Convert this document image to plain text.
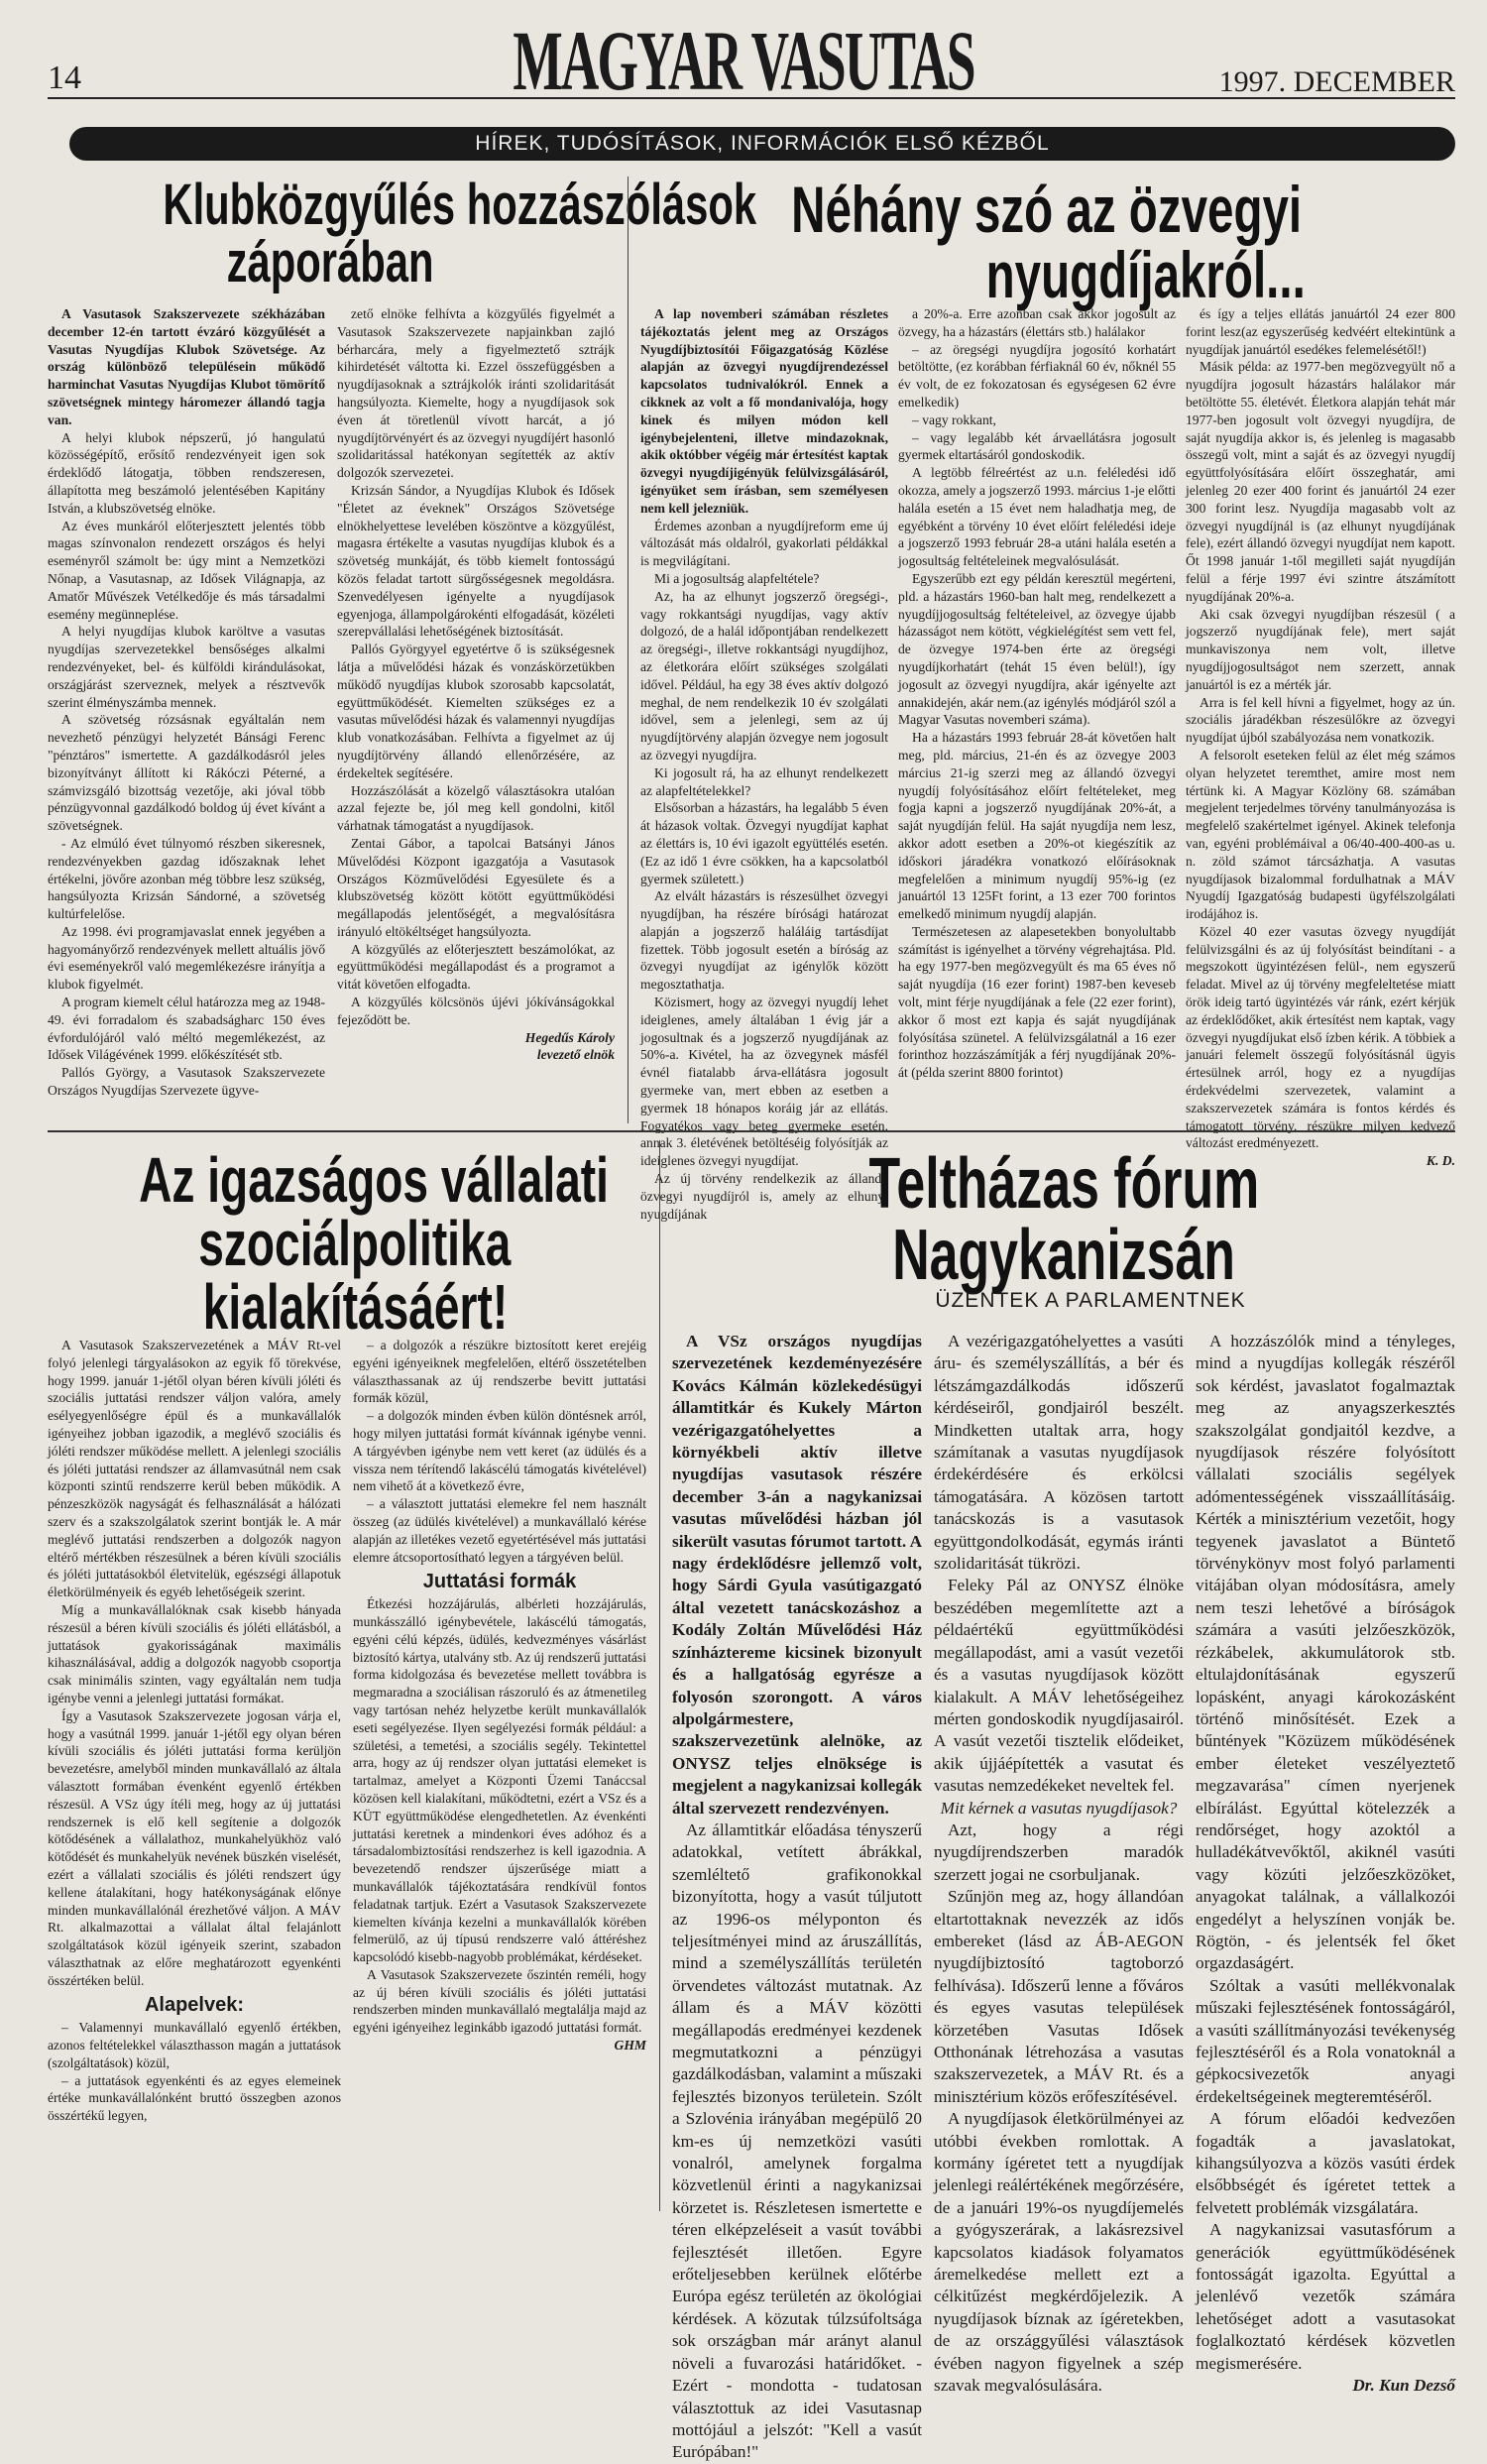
14	MAGYAR VASUTAS	1997. DECEMBER
HÍREK, TUDÓSÍTÁSOK, INFORMÁCIÓK ELSŐ KÉZBŐL
Klubközgyűlés hozzászólások
záporában

A Vasutasok Szakszervezete székházában december 12-én tartott évzáró közgyűlését a Vasutas Nyugdíjas Klubok Szövetsége. Az ország különböző településein működő harminchat Vasutas Nyugdíjas Klubot tömörítő szövetségnek mintegy háromezer állandó tagja van.

A helyi klubok népszerű, jó hangulatú közösségépítő, erősítő rendezvényeit igen sok érdeklődő látogatja, többen rendszeresen, állapította meg beszámoló jelentésében Kapitány István, a klubszövetség elnöke.

Az éves munkáról előterjesztett jelentés több magas színvonalon rendezett országos és helyi eseményről számolt be: úgy mint a Nemzetközi Nőnap, a Vasutasnap, az Idősek Világnapja, az Amatőr Művészek Vetélkedője és más társadalmi esemény megünneplése.

A helyi nyugdíjas klubok karöltve a vasutas nyugdíjas szervezetekkel bensőséges alkalmi rendezvényeket, bel- és külföldi kirándulásokat, országjárást szerveznek, melyek a résztvevők szerint élményszámba mennek.

A szövetség rózsásnak egyáltalán nem nevezhető pénzügyi helyzetét Bánsági Ferenc "pénztáros" ismertette. A gazdálkodásról jeles bizonyítványt állított ki Rákóczi Péterné, a számvizsgáló bizottság vezetője, aki jóval több pénzügyvonnal gazdálkodó boldog új évet kívánt a szövetségnek.

- Az elmúló évet túlnyomó részben sikeresnek, rendezvényekben gazdag időszaknak lehet értékelni, jövőre azonban még többre lesz szükség, hangsúlyozta Krizsán Sándorné, a szövetség kultúrfelelőse.

Az 1998. évi programjavaslat ennek jegyében a hagyományőrző rendezvények mellett altuális jövő évi eseményekről való megemlékezésre irányítja a klubok figyelmét.

A program kiemelt célul határozza meg az 1948-49. évi forradalom és szabadságharc 150 éves évfordulójáról való méltó megemlékezést, az Idősek Világévének 1999. előkészítését stb.

Pallós György, a Vasutasok Szakszervezete Országos Nyugdíjas Szervezete ügyve-

zető elnöke felhívta a közgyűlés figyelmét a Vasutasok Szakszervezete napjainkban zajló bérharcára, mely a figyelmeztető sztrájk kihirdetését váltotta ki. Ezzel összefüggésben a nyugdíjasoknak a sztrájkolók iránti szolidaritását hangsúlyozta. Kiemelte, hogy a nyugdíjasok sok éven át töretlenül vívott harcát, a jó nyugdíjtörvényért és az özvegyi nyugdíjért hasonló szolidaritással hatékonyan segítették az aktív dolgozók szervezetei.

Krizsán Sándor, a Nyugdíjas Klubok és Idősek "Életet az éveknek" Országos Szövetsége elnökhelyettese levelében köszöntve a közgyűlést, magasra értékelte a vasutas nyugdíjas klubok és a szövetség munkáját, és több kiemelt fontosságú közös feladat tartott sürgősségesnek megoldásra. Szenvedélyesen igényelte a nyugdíjasok egyenjoga, állampolgárokénti elfogadását, közéleti szerepvállalási lehetőségének biztosítását.

Pallós Györgyyel egyetértve ő is szükségesnek látja a művelődési házak és vonzáskörzetükben működő nyugdíjas klubok szorosabb kapcsolatát, együttműködését. Kiemelten szükséges ez a vasutas művelődési házak és valamennyi nyugdíjas klub vonatkozásában. Felhívta a figyelmet az új nyugdíjtörvény állandó ellenőrzésére, az érdekeltek segítésére.

Hozzászólását a közelgő választásokra utalóan azzal fejezte be, jól meg kell gondolni, kitől várhatnak támogatást a nyugdíjasok.

Zentai Gábor, a tapolcai Batsányi János Művelődési Központ igazgatója a Vasutasok Országos Közművelődési Egyesülete és a klubszövetség között kötött együttműködési megállapodás jelentőségét, a megvalósításra irányuló eltökéltséget hangsúlyozta.

A közgyűlés az előterjesztett beszámolókat, az együttműködési megállapodást és a programot a vitát követően elfogadta.

A közgyűlés kölcsönös újévi jókívánságokkal fejeződött be.

Hegedűs Károly

levezető elnök

Néhány szó az özvegyi
nyugdíjakról...

A lap novemberi számában részletes tájékoztatás jelent meg az Országos Nyugdíjbiztosítói Főigazgatóság Közlése alapján az özvegyi nyugdíjrendezéssel kapcsolatos tudnivalókról. Ennek a cikknek az volt a fő mondanivalója, hogy kinek és milyen módon kell igénybejelenteni, illetve mindazoknak, akik októbber végéig már értesítést kaptak özvegyi nyugdíjigényük felülvizsgálásáról, igényüket sem írásban, sem személyesen nem kell jelezniük.

Érdemes azonban a nyugdíjreform eme új változását más oldalról, gyakorlati példákkal is megvilágítani.

Mi a jogosultság alapfeltétele?

Az, ha az elhunyt jogszerző öregségi-, vagy rokkantsági nyugdíjas, vagy aktív dolgozó, de a halál időpontjában rendelkezett az öregségi-, illetve rokkantsági nyugdíjhoz, az életkorára előírt szükséges szolgálati idővel. Például, ha egy 38 éves aktív dolgozó meghal, de nem rendelkezik 10 év szolgálati idővel, sem a jelenlegi, sem az új nyugdíjtörvény alapján özvegye nem jogosult az özvegyi nyugdíjra.

Ki jogosult rá, ha az elhunyt rendelkezett az alapfeltételekkel?

Elsősorban a házastárs, ha legalább 5 éven át házasok voltak. Özvegyi nyugdíjat kaphat az élettárs is, 10 évi igazolt együttélés esetén. (Ez az idő 1 évre csökken, ha a kapcsolatból gyermek született.)

Az elvált házastárs is részesülhet özvegyi nyugdíjban, ha részére bírósági határozat alapján a jogszerző haláláig tartásdíjat fizettek. Több jogosult esetén a bíróság az özvegyi nyugdíjat az igénylők között megosztathatja.

Közismert, hogy az özvegyi nyugdíj lehet ideiglenes, amely általában 1 évig jár a jogosultnak és a jogszerző nyugdíjának az 50%-a. Kivétel, ha az özvegynek másfél évnél fiatalabb árva-ellátásra jogosult gyermeke van, mert ebben az esetben a gyermek 18 hónapos koráig jár az ellátás. Fogyatékos vagy beteg gyermeke esetén, annak 3. életévének betöltéséig folyósítják az ideiglenes özvegyi nyugdíjat.

Az új törvény rendelkezik az állandó özvegyi nyugdíjról is, amely az elhunyt nyugdíjának

a 20%-a. Erre azonban csak akkor jogosult az özvegy, ha a házastárs (élettárs stb.) halálakor

– az öregségi nyugdíjra jogosító korhatárt betöltötte, (ez korábban férfiaknál 60 év, nőknél 55 év volt, de ez fokozatosan és egységesen 62 évre emelkedik)

– vagy rokkant,

– vagy legalább két árvaellátásra jogosult gyermek eltartásáról gondoskodik.

A legtöbb félreértést az u.n. feléledési idő okozza, amely a jogszerző 1993. március 1-je előtti halála esetén a 15 évet nem haladhatja meg, de egyébként a törvény 10 évet előírt feléledési ideje a jogszerző 1993 február 28-a utáni halála esetén a jogosultság feltételeinek megvalósulását.

Egyszerűbb ezt egy példán keresztül megérteni, pld. a házastárs 1960-ban halt meg, rendelkezett a nyugdíjjogosultság feltételeivel, az özvegye újabb házasságot nem kötött, végkielégítést sem vett fel, de özvegye 1974-ben érte az öregségi nyugdíjkorhatárt (tehát 15 éven belül!), így jogosult az özvegyi nyugdíjra, akár igényelte azt annakidején, akár nem.(az igénylés módjáról szól a Magyar Vasutas novemberi száma).

Ha a házastárs 1993 február 28-át követően halt meg, pld. március, 21-én és az özvegye 2003 március 21-ig szerzi meg az állandó özvegyi nyugdíj folyósításához előírt feltételeket, meg fogja kapni a jogszerző nyugdíjának 20%-át, a saját nyugdíján felül. Ha saját nyugdíja nem lesz, akkor adott esetben a 20%-ot kiegészítik az időskori járadékra vonatkozó előírásoknak megfelelően a minimum nyugdíj 95%-ig (ez januártól 13 125Ft forint, a 13 ezer 700 forintos emelkedő minimum nyugdíj alapján.

Természetesen az alapesetekben bonyolultabb számítást is igényelhet a törvény végrehajtása. Pld. ha egy 1977-ben megözvegyült és ma 65 éves nő saját nyugdíja (16 ezer forint) 1987-ben keveseb volt, mint férje nyugdíjának a fele (22 ezer forint), akkor ő most ezt kapja és saját nyugdíjának folyósítása szünetel. A felülvizsgálatnál a 16 ezer forinthoz hozzászámítják a férj nyugdíjának 20%-át (példa szerint 8800 forintot)

és így a teljes ellátás januártól 24 ezer 800 forint lesz(az egyszerűség kedvéért eltekintünk a nyugdíjak januártól esedékes felemelésétől!)

Másik példa: az 1977-ben megözvegyült nő a nyugdíjra jogosult házastárs halálakor már betöltötte 55. életévét. Életkora alapján tehát már 1977-ben jogosult volt özvegyi nyugdíjra, de saját nyugdíja akkor is, és jelenleg is magasabb összegű volt, mint a saját és az özvegyi nyugdíj együttfolyósítására előírt összeghatár, ami jelenleg 20 ezer 400 forint és januártól 24 ezer 300 forint lesz. Nyugdíja magasabb volt az özvegyi nyugdíjnál is (az elhunyt nyugdíjának fele), ezért állandó özvegyi nyugdíjat nem kapott. Őt 1998 január 1-től megilleti saját nyugdíján felül a férje 1997 évi szintre átszámított nyugdíjának 20%-a.

Aki csak özvegyi nyugdíjban részesül ( a jogszerző nyugdíjának fele), mert saját munkaviszonya nem volt, illetve nyugdíjjogosultságot nem szerzett, annak januártól is ez a mérték jár.

Arra is fel kell hívni a figyelmet, hogy az ún. szociális járadékban részesülőkre az özvegyi nyugdíjat újból szabályozása nem vonatkozik.

A felsorolt eseteken felül az élet még számos olyan helyzetet teremthet, amire most nem tértünk ki. A Magyar Közlöny 68. számában megjelent terjedelmes törvény tanulmányozása is megfelelő szakértelmet igényel. Akinek telefonja van, egyéni problémáival a 06/40-400-400-as u. n. zöld számot tárcsázhatja. A vasutas nyugdíjasok bizalommal fordulhatnak a MÁV Nyugdíj Igazgatóság budapesti ügyfélszolgálati irodájához is.

Közel 40 ezer vasutas özvegy nyugdíját felülvizsgálni és az új folyósítást beindítani - a megszokott ügyintézésen felül-, nem egyszerű feladat. Mivel az új törvény megfeleltetése miatt örök ideig tartó ügyintézés vár ránk, ezért kérjük az érdeklődőket, akik értesítést nem kaptak, vagy özvegyi nyugdíjukat első ízben kérik. A többiek a januári felemelt összegű folyósításnál ügyis értesülnek arról, hogy ez a nyugdíjas érdekvédelmi szervezetek, valamint a szakszervezetek számára is fontos kérdés és támogatott törvény, részükre milyen kedvező változást eredményezett.

K. D.

Az igazságos vállalati
szociálpolitika
kialakításáért!

A Vasutasok Szakszervezetének a MÁV Rt-vel folyó jelenlegi tárgyalásokon az egyik fő törekvése, hogy 1999. január 1-jétől olyan béren kívüli jóléti és szociális juttatási rendszer váljon valóra, amely esélyegyenlőségre épül és a munkavállalók igényeihez jobban igazodik, a meglévő szociális és jóléti rendszer működése mellett. A jelenlegi szociális és jóléti juttatási rendszer az államvasútnál nem csak központi szintű rendszerre kerül beben működik. A pénzeszközök nagyságát és felhasználását a hálózati szerv és a szakszolgálatok szerint bontják le. A már meglévő juttatási rendszerben a dolgozók nagyon eltérő mértékben részesülnek a béren kívüli szociális és jóléti juttatásokból életvitelük, egészségi állapotuk életkörülményeik és egyéb lehetőségeik szerint.

Míg a munkavállalóknak csak kisebb hányada részesül a béren kívüli szociális és jóléti ellátásból, a juttatások gyakorisságának maximális kihasználásával, addig a dolgozók nagyobb csoportja csak minimális szinten, vagy egyáltalán nem tudja igénybe venni a jelenlegi juttatási formákat.

Így a Vasutasok Szakszervezete jogosan várja el, hogy a vasútnál 1999. január 1-jétől egy olyan béren kívüli szociális és jóléti juttatási forma kerüljön bevezetésre, amelyből minden munkavállaló az általa választott formában évenként egyenlő értékben részesül. A VSz úgy ítéli meg, hogy az új juttatási rendszernek is elő kell segítenie a dolgozók kötődésének a vállalathoz, munkahelyükhöz való kötődését és munkahelyük nevének büszkén viselését, ezért a vállalati szociális és jóléti rendszert úgy kellene átalakítani, hogy hatékonyságának előnye minden munkavállalónál érezhetővé váljon. A MÁV Rt. alkalmazottai a vállalat által felajánlott szolgáltatások közül igényeik szerint, szabadon választhatnak az előre meghatározott egyenkénti összértéken belül.

Alapelvek:

– Valamennyi munkavállaló egyenlő értékben, azonos feltételekkel választhasson magán a juttatások (szolgáltatások) közül,

– a juttatások egyenkénti és az egyes elemeinek értéke munkavállalónként bruttó összegben azonos összértékű legyen,

– a dolgozók a részükre biztosított keret erejéig egyéni igényeiknek megfelelően, eltérő összetételben választhassanak az új rendszerbe bevitt juttatási formák közül,

– a dolgozók minden évben külön döntésnek arról, hogy milyen juttatási formát kívánnak igénybe venni. A tárgyévben igénybe nem vett keret (az üdülés és a vissza nem térítendő lakáscélú támogatás kivételével) nem vihető át a következő évre,

– a választott juttatási elemekre fel nem használt összeg (az üdülés kivételével) a munkavállaló kérése alapján az illetékes vezető egyetértésével más juttatási elemre átcsoportosítható legyen a tárgyéven belül.

Juttatási formák

Étkezési hozzájárulás, albérleti hozzájárulás, munkásszálló igénybevétele, lakáscélú támogatás, egyéni célú képzés, üdülés, kedvezményes vásárlást biztosító kártya, utalvány stb. Az új rendszerű juttatási forma kidolgozása és bevezetése mellett továbbra is megmaradna a szociálisan rászoruló és az átmenetileg vagy tartósan nehéz helyzetbe került munkavállalók eseti segélyezése. Ilyen segélyezési formák például: a születési, a temetési, a szociális segély. Tekintettel arra, hogy az új rendszer olyan juttatási elemeket is tartalmaz, amelyet a Központi Üzemi Tanáccsal közösen kell kialakítani, működtetni, ezért a VSz és a KÜT együttműködése elengedhetetlen. Az évenkénti juttatási keretnek a mindenkori éves adóhoz és a társadalombiztosítási rendszerhez is kell igazodnia. A bevezetendő rendszer újszerűsége miatt a munkavállalók tájékoztatására rendkívül fontos feladatnak tartjuk. Ezért a Vasutasok Szakszervezete kiemelten kívánja kezelni a munkavállalók körében felmerülő, az új típusú rendszerre való áttéréshez kapcsolódó kisebb-nagyobb problémákat, kérdéseket.

A Vasutasok Szakszervezete őszintén reméli, hogy az új béren kívüli szociális és jóléti juttatási rendszerben minden munkavállaló megtalálja majd az egyéni igényeihez leginkább igazodó juttatási formát.

GHM

Teltházas fórum
Nagykanizsán
ÜZENTEK A PARLAMENTNEK

A VSz országos nyugdíjas szervezetének kezdeményezésére Kovács Kálmán közlekedésügyi államtitkár és Kukely Márton vezérigazgatóhelyettes a környékbeli aktív illetve nyugdíjas vasutasok részére december 3-án a nagykanizsai vasutas művelődési házban jól sikerült vasutas fórumot tartott. A nagy érdeklődésre jellemző volt, hogy Sárdi Gyula vasútigazgató által vezetett tanácskozáshoz a Kodály Zoltán Művelődési Ház színháztereme kicsinek bizonyult és a hallgatóság egyrésze a folyosón szorongott. A város alpolgármestere, szakszervezetünk alelnöke, az ONYSZ teljes elnöksége is megjelent a nagykanizsai kollegák által szervezett rendezvényen.

Az államtitkár előadása tényszerű adatokkal, vetített ábrákkal, szemléltető grafikonokkal bizonyította, hogy a vasút túljutott az 1996-os mélyponton és teljesítményei mind az áruszállítás, mind a személyszállítás területén örvendetes változást mutatnak. Az állam és a MÁV közötti megállapodás eredményei kezdenek megmutatkozni a pénzügyi gazdálkodásban, valamint a műszaki fejlesztés bizonyos területein. Szólt a Szlovénia irányában megépülő 20 km-es új nemzetközi vasúti vonalról, amelynek forgalma közvetlenül érinti a nagykanizsai körzetet is. Részletesen ismertette e téren elképzeléseit a vasút további fejlesztését illetően. Egyre erőteljesebben kerülnek előtérbe Európa egész területén az ökológiai kérdések. A közutak túlzsúfoltsága sok országban már arányt alanul növeli a fuvarozási határidőket. - Ezért - mondotta - tudatosan választottuk az idei Vasutasnap mottójául a jelszót: "Kell a vasút Európában!"

A vezérigazgatóhelyettes a vasúti áru- és személyszállítás, a bér és létszámgazdálkodás időszerű kérdéseiről, gondjairól beszélt. Mindketten utaltak arra, hogy számítanak a vasutas nyugdíjasok érdekérdésére és erkölcsi támogatására. A közösen tartott tanácskozás is a vasutasok együttgondolkodását, egymás iránti szolidaritását tükrözi.

Feleky Pál az ONYSZ élnöke beszédében megemlítette azt a példaértékű együttműködési megállapodást, ami a vasút vezetői és a vasutas nyugdíjasok között kialakult. A MÁV lehetőségeihez mérten gondoskodik nyugdíjasairól. A vasút vezetői tisztelik elődeiket, akik újjáépítették a vasutat és vasutas nemzedékeket neveltek fel.

Mit kérnek a vasutas nyugdíjasok?

Azt, hogy a régi nyugdíjrendszerben maradók szerzett jogai ne csorbuljanak.

Szűnjön meg az, hogy állandóan eltartottaknak nevezzék az idős embereket (lásd az ÁB-AEGON nyugdíjbiztosító tagtoborzó felhívása). Időszerű lenne a főváros és egyes vasutas települések körzetében Vasutas Idősek Otthonának létrehozása a vasutas szakszervezetek, a MÁV Rt. és a minisztérium közös erőfeszítésével.

A nyugdíjasok életkörülményei az utóbbi években romlottak. A kormány ígéretet tett a nyugdíjak jelenlegi reálértékének megőrzésére, de a januári 19%-os nyugdíjemelés a gyógyszerárak, a lakásrezsivel kapcsolatos kiadások folyamatos áremelkedése mellett ezt a célkitűzést megkérdőjelezik. A nyugdíjasok bíznak az ígéretekben, de az országgyűlési választások évében nagyon figyelnek a szép szavak megvalósulására.

A hozzászólók mind a tényleges, mind a nyugdíjas kollegák részéről sok kérdést, javaslatot fogalmaztak meg az anyagszerkesztés szakszolgálat gondjaitól kezdve, a nyugdíjasok részére folyósított vállalati szociális segélyek adómentességének visszaállításáig. Kérték a minisztérium vezetőit, hogy tegyenek javaslatot a Büntető törvénykönyv most folyó parlamenti vitájában olyan módosításra, amely nem teszi lehetővé a bíróságok számára a vasúti jelzőeszközök, rézkábelek, akkumulátorok stb. eltulajdonításának egyszerű lopásként, anyagi károkozásként történő minősítését. Ezek a bűntények "Közüzem működésének ember életeket veszélyeztető megzavarása" címen nyerjenek elbírálást. Egyúttal kötelezzék a rendőrséget, hogy azoktól a hulladékátvevőktől, akiknél vasúti vagy közúti jelzőeszközöket, anyagokat találnak, a vállalkozói engedélyt a helyszínen vonják be. Rögtön, - és jelentsék fel őket orgazdaságért.

Szóltak a vasúti mellékvonalak műszaki fejlesztésének fontosságáról, a vasúti szállítmányozási tevékenység fejlesztéséről és a Rola vonatoknál a gépkocsivezetők anyagi érdekeltségeinek megteremtéséről.

A fórum előadói kedvezően fogadták a javaslatokat, kihangsúlyozva a közös vasúti érdek elsőbbségét és ígéretet tettek a felvetett problémák vizsgálatára.

A nagykanizsai vasutasfórum a generációk együttműködésének fontosságát igazolta. Egyúttal a jelenlévő vezetők számára lehetőséget adott a vasutasokat foglalkoztató kérdések közvetlen megismerésére.

Dr. Kun Dezső
